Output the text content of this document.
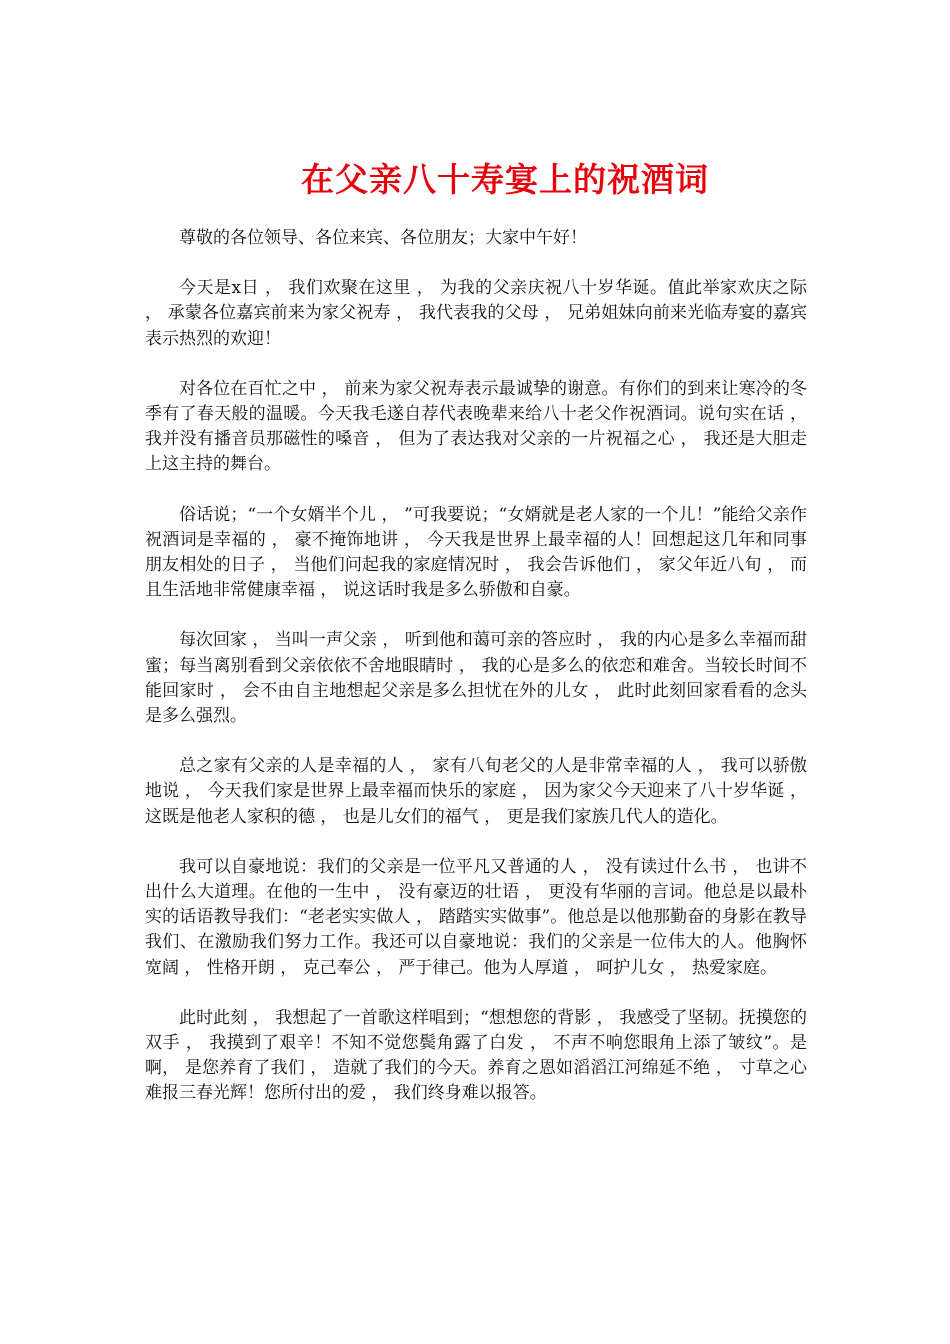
在父亲八十寿宴上的祝酒词

尊敬的各位领导、各位来宾、各位朋友；大家中午好！

今天是x日 ， 我们欢聚在这里 ， 为我的父亲庆祝八十岁华诞。值此举家欢庆之际 ， 承蒙各位嘉宾前来为家父祝寿 ， 我代表我的父母 ， 兄弟姐妹向前来光临寿宴的嘉宾表示热烈的欢迎！

对各位在百忙之中 ， 前来为家父祝寿表示最诚挚的谢意。有你们的到来让寒冷的冬季有了春天般的温暖。今天我毛遂自荐代表晚辈来给八十老父作祝酒词。说句实在话 ， 我并没有播音员那磁性的嗓音 ， 但为了表达我对父亲的一片祝福之心 ， 我还是大胆走上这主持的舞台。

俗话说；“一个女婿半个儿 ， ”可我要说；“女婿就是老人家的一个儿！”能给父亲作祝酒词是幸福的 ， 豪不掩饰地讲 ， 今天我是世界上最幸福的人！回想起这几年和同事朋友相处的日子 ， 当他们问起我的家庭情况时 ， 我会告诉他们 ， 家父年近八旬 ， 而且生活地非常健康幸福 ， 说这话时我是多么骄傲和自豪。

每次回家 ， 当叫一声父亲 ， 听到他和蔼可亲的答应时 ， 我的内心是多么幸福而甜蜜；每当离别看到父亲依依不舍地眼睛时 ， 我的心是多么的依恋和难舍。当较长时间不能回家时 ， 会不由自主地想起父亲是多么担忧在外的儿女 ， 此时此刻回家看看的念头是多么强烈。

总之家有父亲的人是幸福的人 ， 家有八旬老父的人是非常幸福的人 ， 我可以骄傲地说 ， 今天我们家是世界上最幸福而快乐的家庭 ， 因为家父今天迎来了八十岁华诞 ， 这既是他老人家积的德 ， 也是儿女们的福气 ， 更是我们家族几代人的造化。

我可以自豪地说：我们的父亲是一位平凡又普通的人 ， 没有读过什么书 ， 也讲不出什么大道理。在他的一生中 ， 没有豪迈的壮语 ， 更没有华丽的言词。他总是以最朴实的话语教导我们：“老老实实做人 ， 踏踏实实做事”。他总是以他那勤奋的身影在教导我们、在激励我们努力工作。我还可以自豪地说：我们的父亲是一位伟大的人。他胸怀宽阔 ， 性格开朗 ， 克己奉公 ， 严于律己。他为人厚道 ， 呵护儿女 ， 热爱家庭。

此时此刻 ， 我想起了一首歌这样唱到；“想想您的背影 ， 我感受了坚韧。抚摸您的双手 ， 我摸到了艰辛！不知不觉您鬓角露了白发 ， 不声不响您眼角上添了皱纹”。是啊， 是您养育了我们 ， 造就了我们的今天。养育之恩如滔滔江河绵延不绝 ， 寸草之心难报三春光辉！您所付出的爱 ， 我们终身难以报答。
